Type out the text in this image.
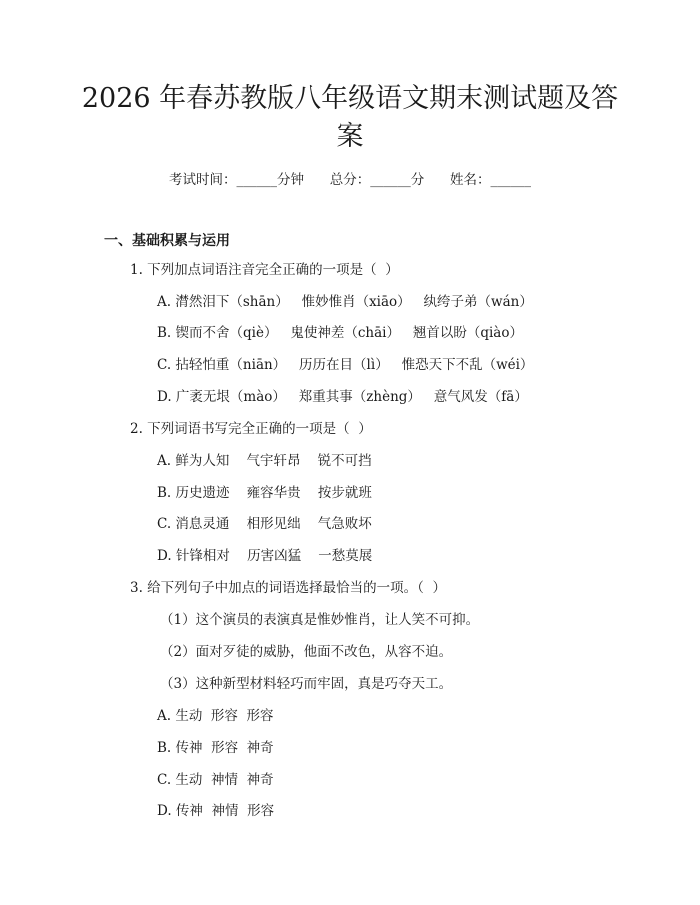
2026 年春苏教版八年级语文期末测试题及答
案
考试时间：______分钟      总分：______分      姓名：______
一、基础积累与运用
1. 下列加点词语注音完全正确的一项是（  ）
A. 潸然泪下（shān）   惟妙惟肖（xiāo）   纨绔子弟（wán）
B. 锲而不舍（qiè）   鬼使神差（chāi）   翘首以盼（qiào）
C. 拈轻怕重（niān）   历历在目（lì）   惟恐天下不乱（wéi）
D. 广袤无垠（mào）   郑重其事（zhèng）   意气风发（fā）
2. 下列词语书写完全正确的一项是（  ）
A. 鲜为人知    气宇轩昂    锐不可挡
B. 历史遗迹    雍容华贵    按步就班
C. 消息灵通    相形见绌    气急败坏
D. 针锋相对    历害凶猛    一愁莫展
3. 给下列句子中加点的词语选择最恰当的一项。（  ）
（1）这个演员的表演真是惟妙惟肖，让人笑不可抑。
（2）面对歹徒的威胁，他面不改色，从容不迫。
（3）这种新型材料轻巧而牢固，真是巧夺天工。
A. 生动  形容  形容
B. 传神  形容  神奇
C. 生动  神情  神奇
D. 传神  神情  形容
